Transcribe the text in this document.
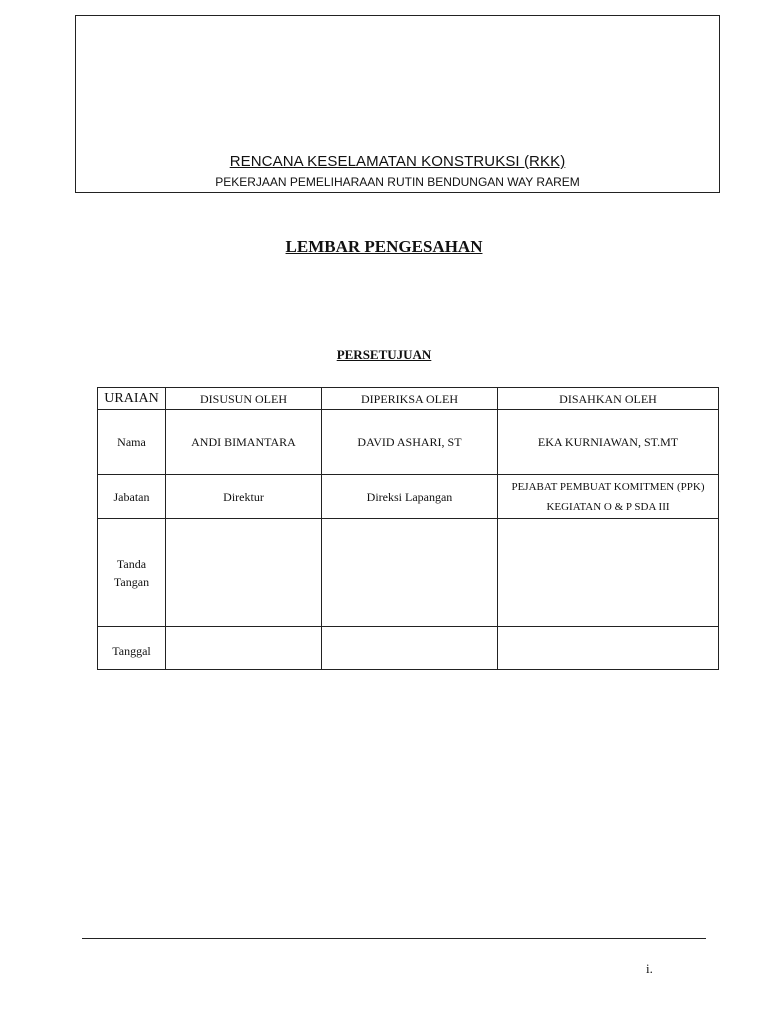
RENCANA KESELAMATAN KONSTRUKSI (RKK)
PEKERJAAN PEMELIHARAAN RUTIN BENDUNGAN WAY RAREM
LEMBAR PENGESAHAN
PERSETUJUAN
URAIAN	DISUSUN OLEH	DIPERIKSA OLEH	DISAHKAN OLEH
Nama	ANDI BIMANTARA	DAVID ASHARI, ST	EKA KURNIAWAN, ST.MT
Jabatan	Direktur	Direksi Lapangan	PEJABAT PEMBUAT KOMITMEN (PPK)
KEGIATAN O & P SDA III

Tanda
Tangan			

Tanggal			
i.
